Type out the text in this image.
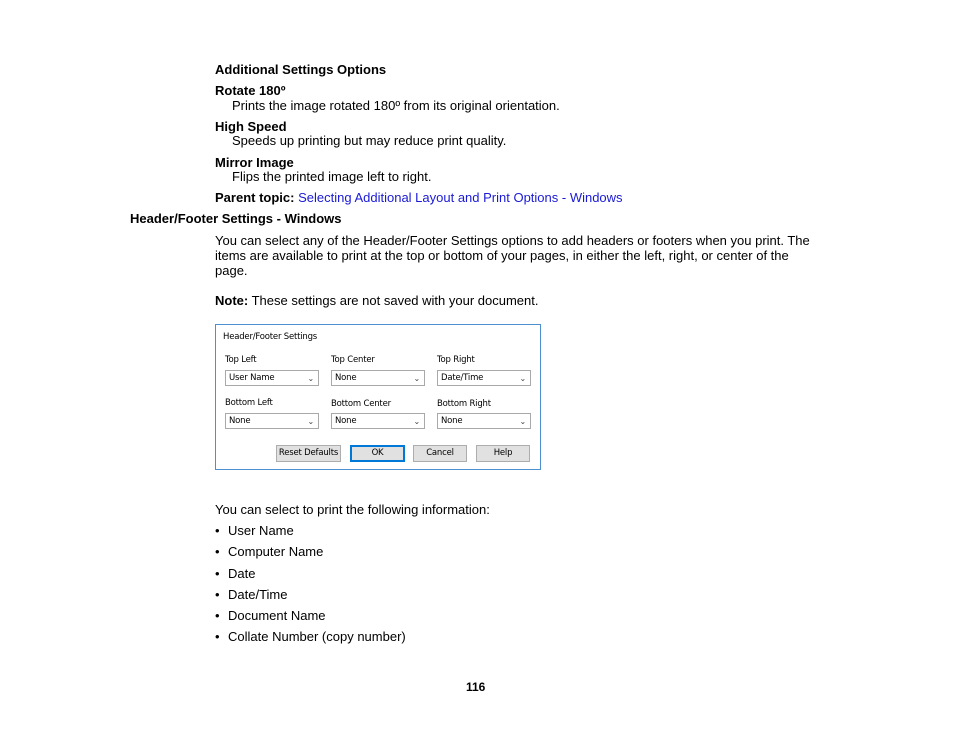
Additional Settings Options
Rotate 180º
Prints the image rotated 180º from its original orientation.
High Speed
Speeds up printing but may reduce print quality.
Mirror Image
Flips the printed image left to right.
Parent topic: Selecting Additional Layout and Print Options - Windows
Header/Footer Settings - Windows
You can select any of the Header/Footer Settings options to add headers or footers when you print. The items are available to print at the top or bottom of your pages, in either the left, right, or center of the page.
Note: These settings are not saved with your document.
Header/Footer Settings
Top Left	Top Center	Top Right
User Name	⌄ None	⌄ Date/Time	⌄
Bottom Left	Bottom Center	Bottom Right
None	⌄ None	⌄ None	⌄
Reset Defaults	OK	Cancel	Help
You can select to print the following information:
• User Name
• Computer Name
• Date
• Date/Time
• Document Name
• Collate Number (copy number)
116
